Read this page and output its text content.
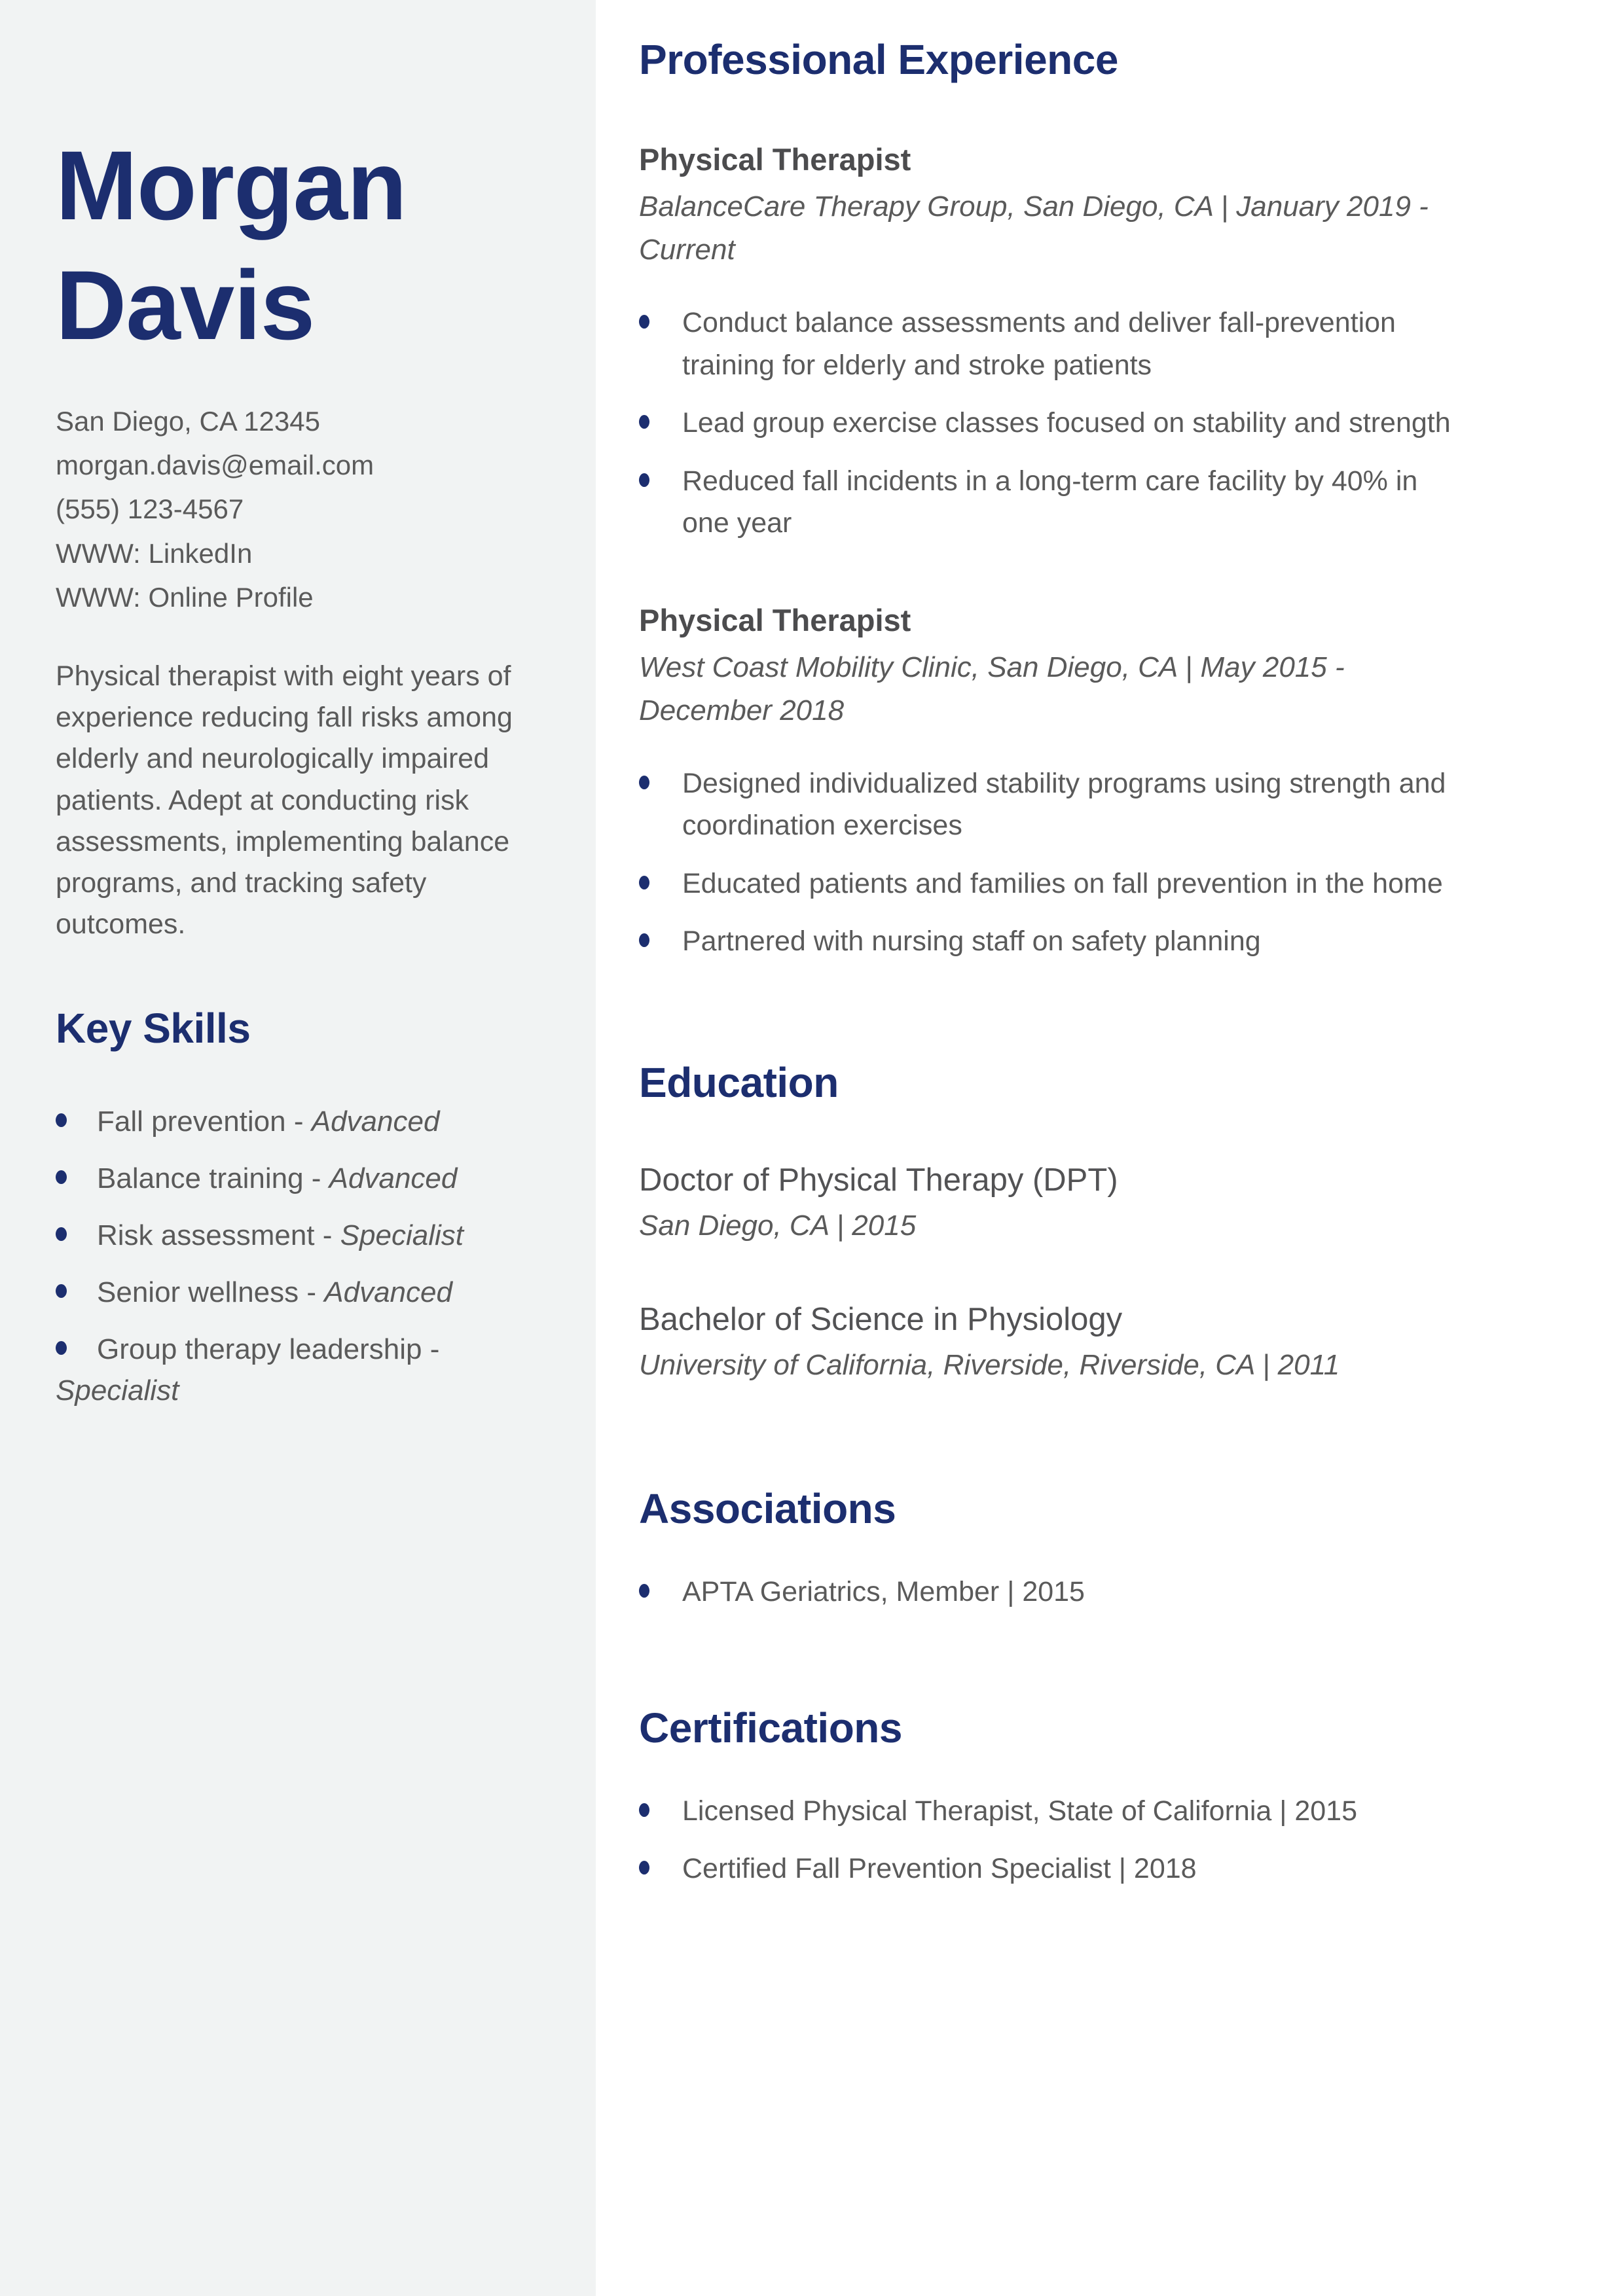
Morgan Davis
San Diego, CA 12345
morgan.davis@email.com
(555) 123-4567
WWW: LinkedIn
WWW: Online Profile

Physical therapist with eight years of experience reducing fall risks among elderly and neurologically impaired patients. Adept at conducting risk assessments, implementing balance programs, and tracking safety outcomes.

Key Skills
Fall prevention - Advanced
Balance training - Advanced
Risk assessment - Specialist
Senior wellness - Advanced
Group therapy leadership - Specialist
Professional Experience
Physical Therapist

BalanceCare Therapy Group, San Diego, CA | January 2019 - Current

Conduct balance assessments and deliver fall-prevention training for elderly and stroke patients
Lead group exercise classes focused on stability and strength
Reduced fall incidents in a long-term care facility by 40% in one year
Physical Therapist

West Coast Mobility Clinic, San Diego, CA | May 2015 - December 2018

Designed individualized stability programs using strength and coordination exercises
Educated patients and families on fall prevention in the home
Partnered with nursing staff on safety planning
Education
Doctor of Physical Therapy (DPT)
San Diego, CA | 2015
Bachelor of Science in Physiology
University of California, Riverside, Riverside, CA | 2011
Associations
APTA Geriatrics, Member | 2015
Certifications
Licensed Physical Therapist, State of California | 2015
Certified Fall Prevention Specialist | 2018
